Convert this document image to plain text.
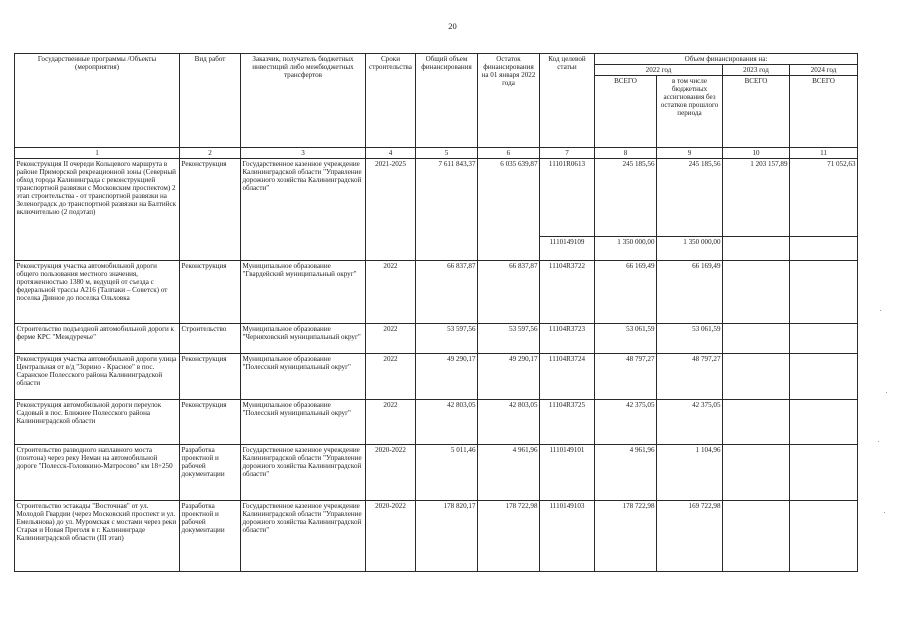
20
Государственные программы /Объекты (мероприятия)	Вид работ	Заказчик, получатель бюджетных инвестиций либо межбюджетных трансфертов	Сроки строительства	Общий объем финансирования	Остаток финансирования на 01 января 2022 года	Код целевой статьи	Объем финансирования на:			
							2022 год		2023 год	2024 год
							ВСЕГО	в том числе бюджетных ассигнования без остатков прошлого периода	ВСЕГО	ВСЕГО
1	2	3	4	5	6	7	8	9	10	11
Реконструкция II очереди Кольцевого маршрута в районе Приморской рекреационной зоны (Северный обход города Калининграда с реконструкцией транспортной развязки с Московским проспектом) 2 этап строительства - от транспортной развязки на Зеленоградск до транспортной развязки на Балтийск включительно (2 подэтап)	Реконструкция	Государственное казенное учреждение Калининградской области "Управление дорожного хозяйства Калининградской области"	2021-2025	7 611 843,37	6 035 639,87	11101R0613	245 185,56	245 185,56	1 203 157,89	71 052,63
						1110149109	1 350 000,00	1 350 000,00		
Реконструкция участка автомобильной дороги общего пользования местного значения, протяженностью 1380 м, ведущей от съезда с федеральной трассы А216 (Талпаки – Советск) от поселка Дивное до поселка Ольховка	Реконструкция	Муниципальное образование "Гвардейский муниципальный округ"	2022	66 837,87	66 837,87	11104R3722	66 169,49	66 169,49		
Строительство подъездной автомобильной дороги к ферме КРС "Междуречье"	Строительство	Муниципальное образование "Черняховский муниципальный округ"	2022	53 597,56	53 597,56	11104R3723	53 061,59	53 061,59		
Реконструкция участка автомобильной дороги улица Центральная от в/д "Зорино - Красное" в пос. Саранское Полесского района Калининградской области	Реконструкция	Муниципальное образование "Полесский муниципальный округ"	2022	49 290,17	49 290,17	11104R3724	48 797,27	48 797,27		
Реконструкция автомобильной дороги переулок Садовый в пос. Ближнее Полесского района Калининградской области	Реконструкция	Муниципальное образование "Полесский муниципальный округ"	2022	42 803,05	42 803,05	11104R3725	42 375,05	42 375,05		
Строительство разводного наплавного моста (понтона) через реку Неман на автомобильной дороге "Полесск-Головкино-Матросово" км 18+250	Разработка проектной и рабочей документации	Государственное казенное учреждение Калининградской области "Управление дорожного хозяйства Калининградской области"	2020-2022	5 011,46	4 961,96	1110149101	4 961,96	1 104,96		
Строительство эстакады "Восточная" от ул. Молодой Гвардии (через Московский проспект и ул. Емельянова) до ул. Муромская с мостами через реки Старая и Новая Преголя в г. Калининграде Калининградской области (III этап)	Разработка проектной и рабочей документации	Государственное казенное учреждение Калининградской области "Управление дорожного хозяйства Калининградской области"	2020-2022	178 820,17	178 722,98	1110149103	178 722,98	169 722,98		
